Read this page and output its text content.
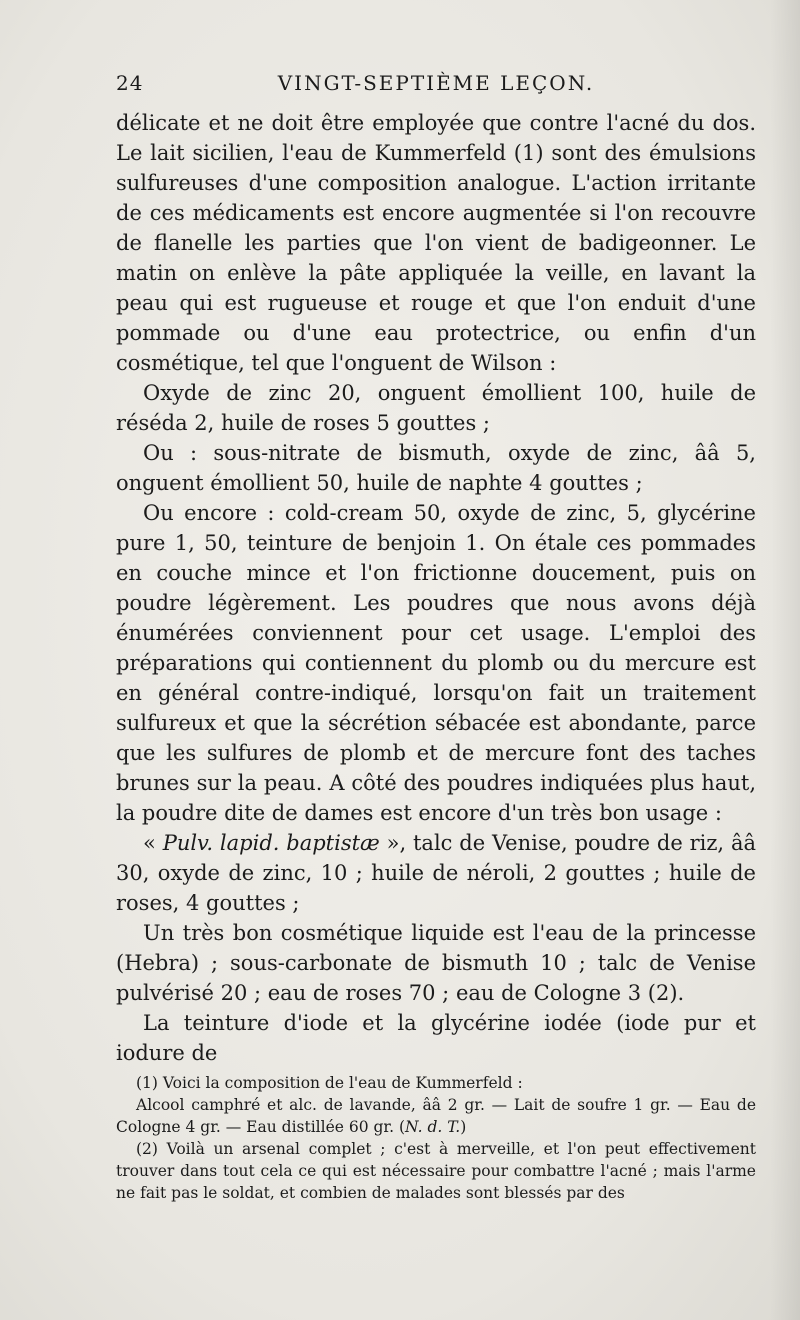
24	VINGT-SEPTIÈME LEÇON.

délicate et ne doit être employée que contre l'acné du dos. Le lait sicilien, l'eau de Kummerfeld (1) sont des émulsions sulfureuses d'une composition analogue. L'action irritante de ces médicaments est encore augmentée si l'on recouvre de flanelle les parties que l'on vient de badigeonner. Le matin on enlève la pâte appliquée la veille, en lavant la peau qui est rugueuse et rouge et que l'on enduit d'une pommade ou d'une eau protectrice, ou enfin d'un cosmétique, tel que l'onguent de Wilson :

Oxyde de zinc 20, onguent émollient 100, huile de réséda 2, huile de roses 5 gouttes ;

Ou : sous-nitrate de bismuth, oxyde de zinc, ââ 5, onguent émollient 50, huile de naphte 4 gouttes ;

Ou encore : cold-cream 50, oxyde de zinc, 5, glycérine pure 1, 50, teinture de benjoin 1. On étale ces pommades en couche mince et l'on frictionne doucement, puis on poudre légèrement. Les poudres que nous avons déjà énumérées conviennent pour cet usage. L'emploi des préparations qui contiennent du plomb ou du mercure est en général contre-indiqué, lorsqu'on fait un traitement sulfureux et que la sécrétion sébacée est abondante, parce que les sulfures de plomb et de mercure font des taches brunes sur la peau. A côté des poudres indiquées plus haut, la poudre dite de dames est encore d'un très bon usage :

« Pulv. lapid. baptistæ », talc de Venise, poudre de riz, ââ 30, oxyde de zinc, 10 ; huile de néroli, 2 gouttes ; huile de roses, 4 gouttes ;

Un très bon cosmétique liquide est l'eau de la princesse (Hebra) ; sous-carbonate de bismuth 10 ; talc de Venise pulvérisé 20 ; eau de roses 70 ; eau de Cologne 3 (2).

La teinture d'iode et la glycérine iodée (iode pur et iodure de

(1) Voici la composition de l'eau de Kummerfeld :

Alcool camphré et alc. de lavande, ââ 2 gr. — Lait de soufre 1 gr. — Eau de Cologne 4 gr. — Eau distillée 60 gr. (N. d. T.)

(2) Voilà un arsenal complet ; c'est à merveille, et l'on peut effectivement trouver dans tout cela ce qui est nécessaire pour combattre l'acné ; mais l'arme ne fait pas le soldat, et combien de malades sont blessés par des
